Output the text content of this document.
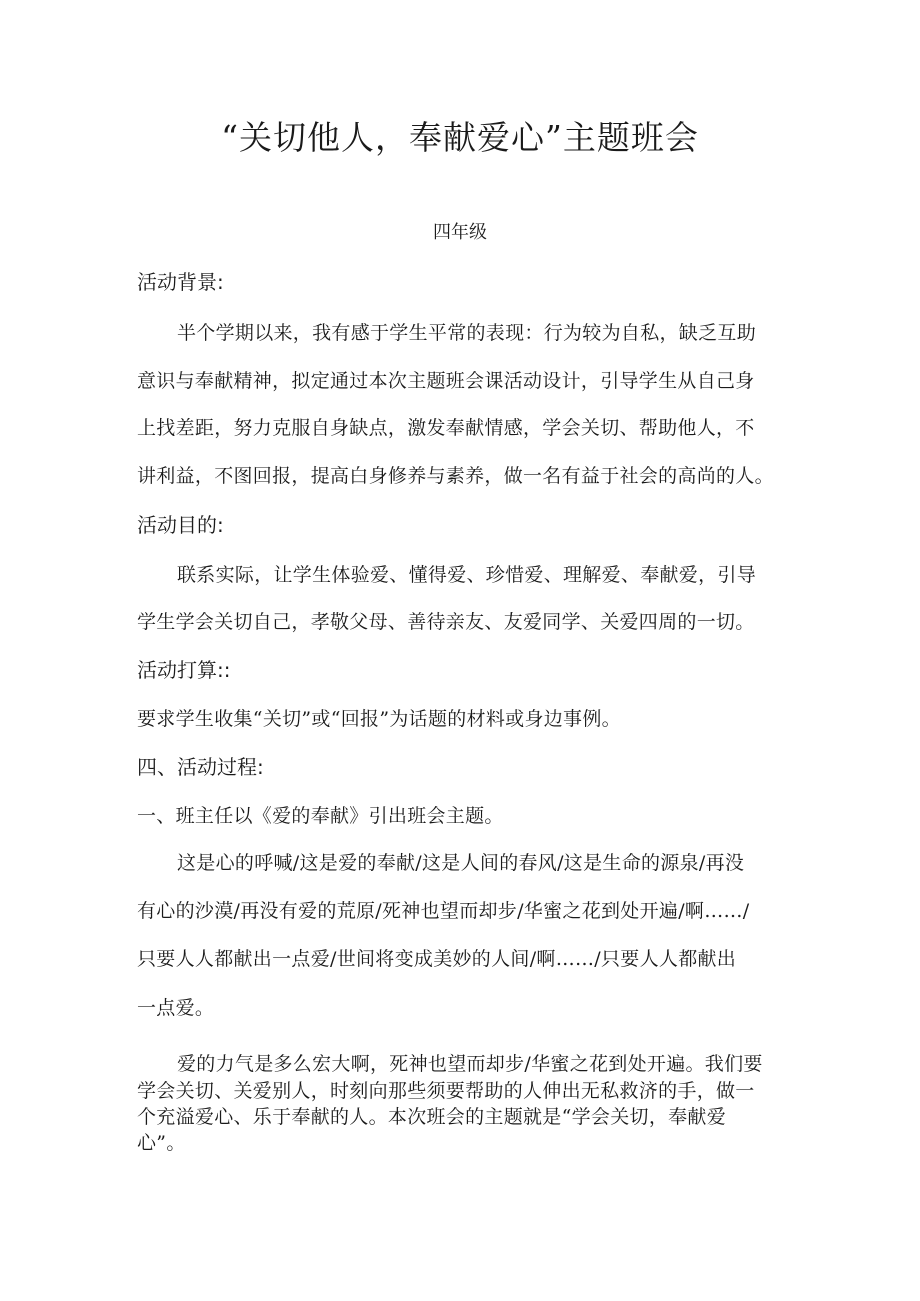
“关切他人，奉献爱心”主题班会
四年级
活动背景:
半个学期以来，我有感于学生平常的表现：行为较为自私，缺乏互助
意识与奉献精神，拟定通过本次主题班会课活动设计，引导学生从自己身
上找差距，努力克服自身缺点，激发奉献情感，学会关切、帮助他人，不
讲利益，不图回报，提高白身修养与素养，做一名有益于社会的高尚的人。
活动目的:
联系实际，让学生体验爱、懂得爱、珍惜爱、理解爱、奉献爱，引导
学生学会关切自己，孝敬父母、善待亲友、友爱同学、关爱四周的一切。
活动打算::
要求学生收集“关切”或“回报”为话题的材料或身边事例。
四、活动过程:
一、班主任以《爱的奉献》引出班会主题。
这是心的呼喊/这是爱的奉献/这是人间的春风/这是生命的源泉/再没
有心的沙漠/再没有爱的荒原/死神也望而却步/华蜜之花到处开遍/啊……/
只要人人都献出一点爱/世间将变成美妙的人间/啊……/只要人人都献出
一点爱。
爱的力气是多么宏大啊，死神也望而却步/华蜜之花到处开遍。我们要
学会关切、关爱别人，时刻向那些须要帮助的人伸出无私救济的手，做一
个充溢爱心、乐于奉献的人。本次班会的主题就是“学会关切，奉献爱
心”。
